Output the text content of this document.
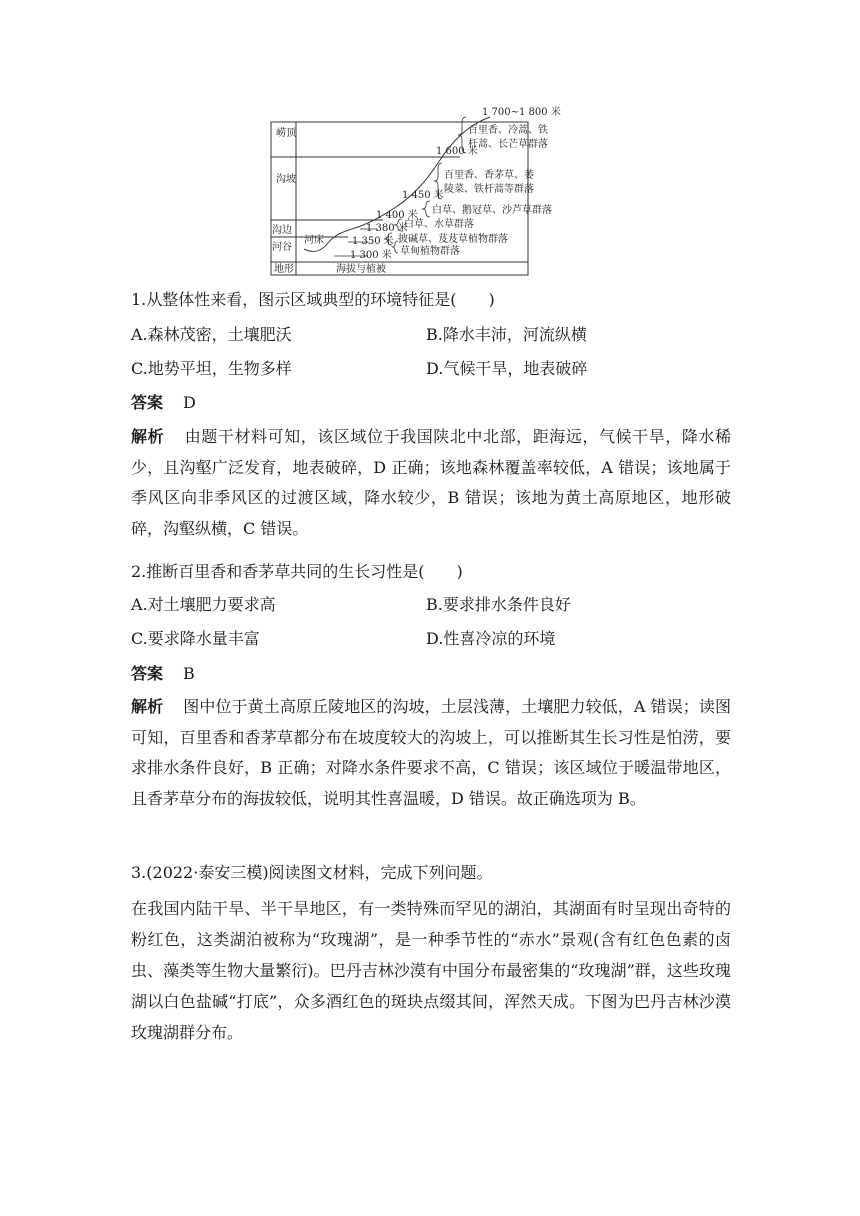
崂顶
沟坡
沟边
河谷
地形	海拔与植被
河床
1 700~1 800 米
1 600 米
1 450 米
1 400 米
1 380 米
1 350 米
1 300 米
百里香、冷蒿、铁
杆蒿、长芒草群落
百里香、香茅草、萎
陵菜、铁杆蒿等群落
白草、鹅冠草、沙芦草群落
白草、水草群落
披碱草、芨芨草植物群落
草甸植物群落
1.从整体性来看，图示区域典型的环境特征是(　　)
A.森林茂密，土壤肥沃	B.降水丰沛，河流纵横
C.地势平坦，生物多样	D.气候干旱，地表破碎
答案 D
解析 由题干材料可知，该区域位于我国陕北中北部，距海远，气候干旱，降水稀少，且沟壑广泛发育，地表破碎，D 正确；该地森林覆盖率较低，A 错误；该地属于季风区向非季风区的过渡区域，降水较少，B 错误；该地为黄土高原地区，地形破碎，沟壑纵横，C 错误。
2.推断百里香和香茅草共同的生长习性是(　　)
A.对土壤肥力要求高	B.要求排水条件良好
C.要求降水量丰富	D.性喜冷凉的环境
答案 B
解析 图中位于黄土高原丘陵地区的沟坡，土层浅薄，土壤肥力较低，A 错误；读图可知，百里香和香茅草都分布在坡度较大的沟坡上，可以推断其生长习性是怕涝，要求排水条件良好，B 正确；对降水条件要求不高，C 错误；该区域位于暖温带地区，且香茅草分布的海拔较低，说明其性喜温暖，D 错误。故正确选项为 B。
3.(2022·泰安三模)阅读图文材料，完成下列问题。
在我国内陆干旱、半干旱地区，有一类特殊而罕见的湖泊，其湖面有时呈现出奇特的粉红色，这类湖泊被称为“玫瑰湖”，是一种季节性的“赤水”景观(含有红色色素的卤虫、藻类等生物大量繁衍)。巴丹吉林沙漠有中国分布最密集的“玫瑰湖”群，这些玫瑰湖以白色盐碱“打底”，众多酒红色的斑块点缀其间，浑然天成。下图为巴丹吉林沙漠玫瑰湖群分布。
